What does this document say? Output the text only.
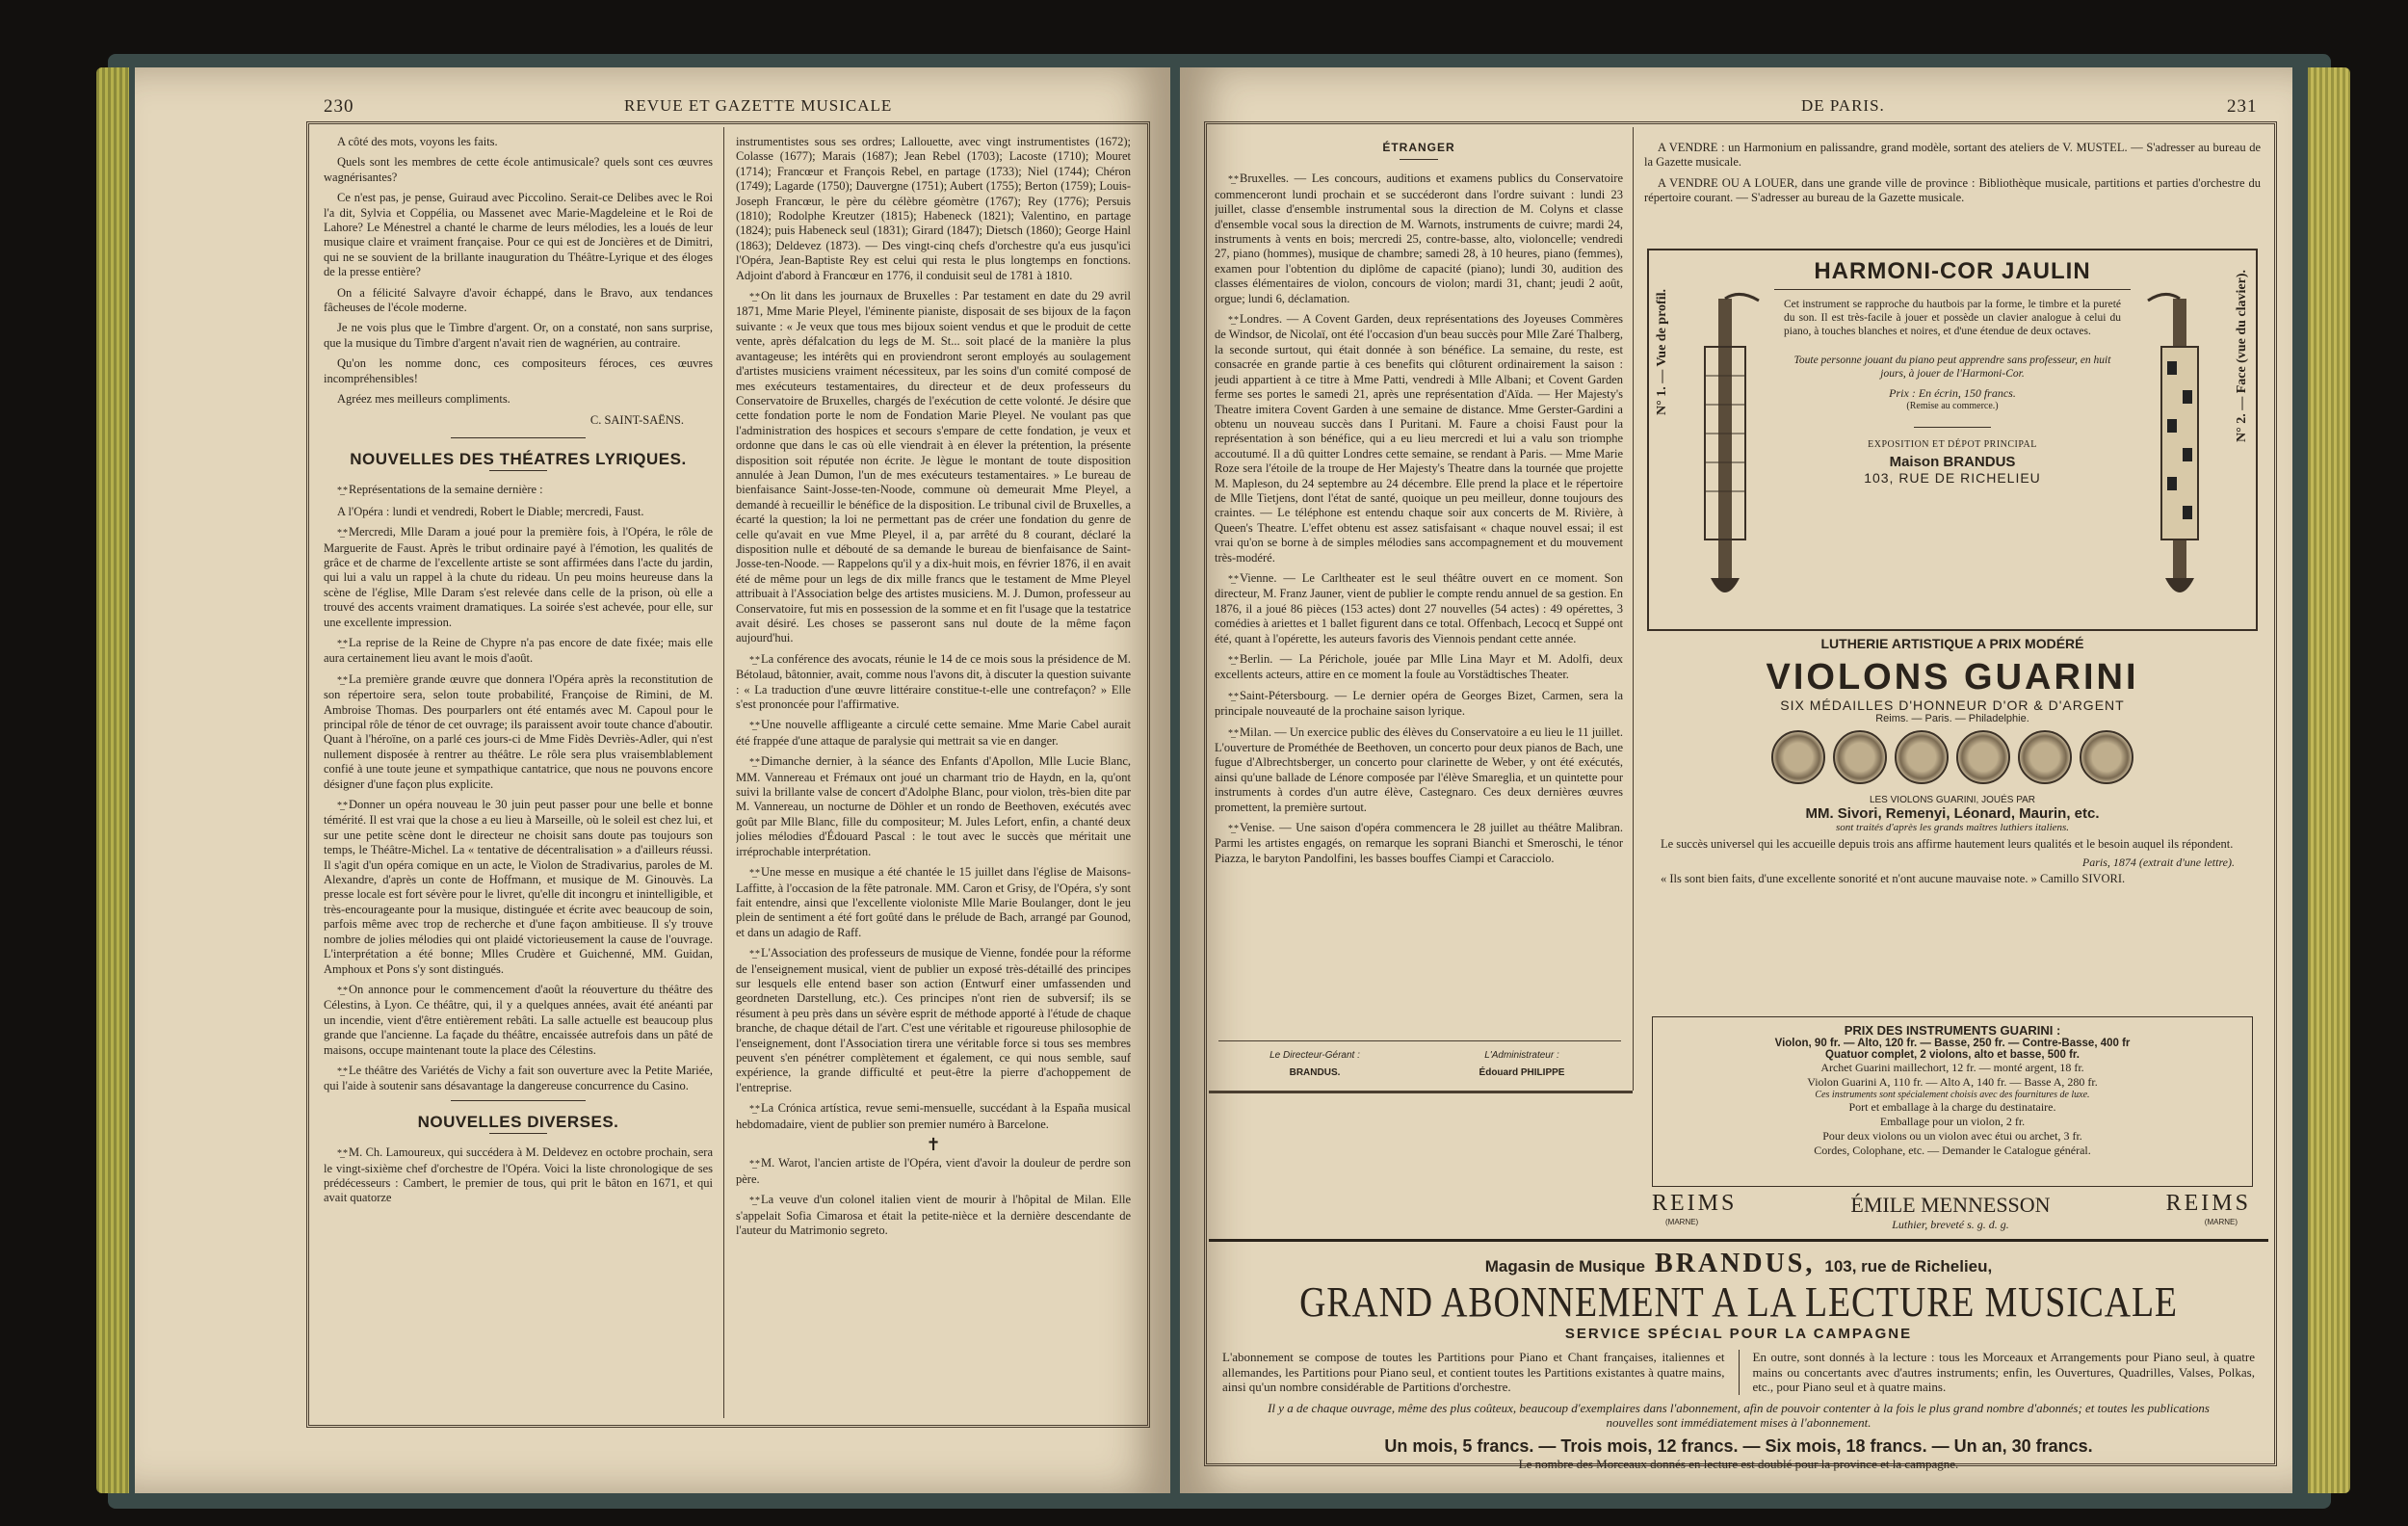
230	REVUE ET GAZETTE MUSICALE

A côté des mots, voyons les faits.

Quels sont les membres de cette école antimusicale? quels sont ces œuvres wagnérisantes?

Ce n'est pas, je pense, Guiraud avec Piccolino. Serait-ce Delibes avec le Roi l'a dit, Sylvia et Coppélia, ou Massenet avec Marie-Magdeleine et le Roi de Lahore? Le Ménestrel a chanté le charme de leurs mélodies, les a loués de leur musique claire et vraiment française. Pour ce qui est de Joncières et de Dimitri, qui ne se souvient de la brillante inauguration du Théâtre-Lyrique et des éloges de la presse entière?

On a félicité Salvayre d'avoir échappé, dans le Bravo, aux tendances fâcheuses de l'école moderne.

Je ne vois plus que le Timbre d'argent. Or, on a constaté, non sans surprise, que la musique du Timbre d'argent n'avait rien de wagnérien, au contraire.

Qu'on les nomme donc, ces compositeurs féroces, ces œuvres incompréhensibles!

Agréez mes meilleurs compliments.

C. SAINT-SAËNS.
NOUVELLES DES THÉATRES LYRIQUES.

*_* Représentations de la semaine dernière :

A l'Opéra : lundi et vendredi, Robert le Diable; mercredi, Faust.

*_* Mercredi, Mlle Daram a joué pour la première fois, à l'Opéra, le rôle de Marguerite de Faust. Après le tribut ordinaire payé à l'émotion, les qualités de grâce et de charme de l'excellente artiste se sont affirmées dans l'acte du jardin, qui lui a valu un rappel à la chute du rideau. Un peu moins heureuse dans la scène de l'église, Mlle Daram s'est relevée dans celle de la prison, où elle a trouvé des accents vraiment dramatiques. La soirée s'est achevée, pour elle, sur une excellente impression.

*_* La reprise de la Reine de Chypre n'a pas encore de date fixée; mais elle aura certainement lieu avant le mois d'août.

*_* La première grande œuvre que donnera l'Opéra après la reconstitution de son répertoire sera, selon toute probabilité, Françoise de Rimini, de M. Ambroise Thomas. Des pourparlers ont été entamés avec M. Capoul pour le principal rôle de ténor de cet ouvrage; ils paraissent avoir toute chance d'aboutir. Quant à l'héroïne, on a parlé ces jours-ci de Mme Fidès Devriès-Adler, qui n'est nullement disposée à rentrer au théâtre. Le rôle sera plus vraisemblablement confié à une toute jeune et sympathique cantatrice, que nous ne pouvons encore désigner d'une façon plus explicite.

*_* Donner un opéra nouveau le 30 juin peut passer pour une belle et bonne témérité. Il est vrai que la chose a eu lieu à Marseille, où le soleil est chez lui, et sur une petite scène dont le directeur ne choisit sans doute pas toujours son temps, le Théâtre-Michel. La « tentative de décentralisation » a d'ailleurs réussi. Il s'agit d'un opéra comique en un acte, le Violon de Stradivarius, paroles de M. Alexandre, d'après un conte de Hoffmann, et musique de M. Ginouvès. La presse locale est fort sévère pour le livret, qu'elle dit incongru et inintelligible, et très-encourageante pour la musique, distinguée et écrite avec beaucoup de soin, parfois même avec trop de recherche et d'une façon ambitieuse. Il s'y trouve nombre de jolies mélodies qui ont plaidé victorieusement la cause de l'ouvrage. L'interprétation a été bonne; Mlles Crudère et Guichenné, MM. Guidan, Amphoux et Pons s'y sont distingués.

*_* On annonce pour le commencement d'août la réouverture du théâtre des Célestins, à Lyon. Ce théâtre, qui, il y a quelques années, avait été anéanti par un incendie, vient d'être entièrement rebâti. La salle actuelle est beaucoup plus grande que l'ancienne. La façade du théâtre, encaissée autrefois dans un pâté de maisons, occupe maintenant toute la place des Célestins.

*_* Le théâtre des Variétés de Vichy a fait son ouverture avec la Petite Mariée, qui l'aide à soutenir sans désavantage la dangereuse concurrence du Casino.

NOUVELLES DIVERSES.

*_* M. Ch. Lamoureux, qui succédera à M. Deldevez en octobre prochain, sera le vingt-sixième chef d'orchestre de l'Opéra. Voici la liste chronologique de ses prédécesseurs : Cambert, le premier de tous, qui prit le bâton en 1671, et qui avait quatorze

instrumentistes sous ses ordres; Lallouette, avec vingt instrumentistes (1672); Colasse (1677); Marais (1687); Jean Rebel (1703); Lacoste (1710); Mouret (1714); Francœur et François Rebel, en partage (1733); Niel (1744); Chéron (1749); Lagarde (1750); Dauvergne (1751); Aubert (1755); Berton (1759); Louis-Joseph Francœur, le père du célèbre géomètre (1767); Rey (1776); Persuis (1810); Rodolphe Kreutzer (1815); Habeneck (1821); Valentino, en partage (1824); puis Habeneck seul (1831); Girard (1847); Dietsch (1860); George Hainl (1863); Deldevez (1873). — Des vingt-cinq chefs d'orchestre qu'a eus jusqu'ici l'Opéra, Jean-Baptiste Rey est celui qui resta le plus longtemps en fonctions. Adjoint d'abord à Francœur en 1776, il conduisit seul de 1781 à 1810.

*_* On lit dans les journaux de Bruxelles : Par testament en date du 29 avril 1871, Mme Marie Pleyel, l'éminente pianiste, disposait de ses bijoux de la façon suivante : « Je veux que tous mes bijoux soient vendus et que le produit de cette vente, après défalcation du legs de M. St... soit placé de la manière la plus avantageuse; les intérêts qui en proviendront seront employés au soulagement d'artistes musiciens vraiment nécessiteux, par les soins d'un comité composé de mes exécuteurs testamentaires, du directeur et de deux professeurs du Conservatoire de Bruxelles, chargés de l'exécution de cette volonté. Je désire que cette fondation porte le nom de Fondation Marie Pleyel. Ne voulant pas que l'administration des hospices et secours s'empare de cette fondation, je veux et ordonne que dans le cas où elle viendrait à en élever la prétention, la présente disposition soit réputée non écrite. Je lègue le montant de toute disposition annulée à Jean Dumon, l'un de mes exécuteurs testamentaires. » Le bureau de bienfaisance Saint-Josse-ten-Noode, commune où demeurait Mme Pleyel, a demandé à recueillir le bénéfice de la disposition. Le tribunal civil de Bruxelles, a écarté la question; la loi ne permettant pas de créer une fondation du genre de celle qu'avait en vue Mme Pleyel, il a, par arrêté du 8 courant, déclaré la disposition nulle et débouté de sa demande le bureau de bienfaisance de Saint-Josse-ten-Noode. — Rappelons qu'il y a dix-huit mois, en février 1876, il en avait été de même pour un legs de dix mille francs que le testament de Mme Pleyel attribuait à l'Association belge des artistes musiciens. M. J. Dumon, professeur au Conservatoire, fut mis en possession de la somme et en fit l'usage que la testatrice avait désiré. Les choses se passeront sans nul doute de la même façon aujourd'hui.

*_* La conférence des avocats, réunie le 14 de ce mois sous la présidence de M. Bétolaud, bâtonnier, avait, comme nous l'avons dit, à discuter la question suivante : « La traduction d'une œuvre littéraire constitue-t-elle une contrefaçon? » Elle s'est prononcée pour l'affirmative.

*_* Une nouvelle affligeante a circulé cette semaine. Mme Marie Cabel aurait été frappée d'une attaque de paralysie qui mettrait sa vie en danger.

*_* Dimanche dernier, à la séance des Enfants d'Apollon, Mlle Lucie Blanc, MM. Vannereau et Frémaux ont joué un charmant trio de Haydn, en la, qu'ont suivi la brillante valse de concert d'Adolphe Blanc, pour violon, très-bien dite par M. Vannereau, un nocturne de Döhler et un rondo de Beethoven, exécutés avec goût par Mlle Blanc, fille du compositeur; M. Jules Lefort, enfin, a chanté deux jolies mélodies d'Édouard Pascal : le tout avec le succès que méritait une irréprochable interprétation.

*_* Une messe en musique a été chantée le 15 juillet dans l'église de Maisons-Laffitte, à l'occasion de la fête patronale. MM. Caron et Grisy, de l'Opéra, s'y sont fait entendre, ainsi que l'excellente violoniste Mlle Marie Boulanger, dont le jeu plein de sentiment a été fort goûté dans le prélude de Bach, arrangé par Gounod, et dans un adagio de Raff.

*_* L'Association des professeurs de musique de Vienne, fondée pour la réforme de l'enseignement musical, vient de publier un exposé très-détaillé des principes sur lesquels elle entend baser son action (Entwurf einer umfassenden und geordneten Darstellung, etc.). Ces principes n'ont rien de subversif; ils se résument à peu près dans un sévère esprit de méthode apporté à l'étude de chaque branche, de chaque détail de l'art. C'est une véritable et rigoureuse philosophie de l'enseignement, dont l'Association tirera une véritable force si tous ses membres peuvent s'en pénétrer complètement et également, ce qui nous semble, sauf expérience, la grande difficulté et peut-être la pierre d'achoppement de l'entreprise.

*_* La Crónica artística, revue semi-mensuelle, succédant à la España musical hebdomadaire, vient de publier son premier numéro à Barcelone.

✝

*_* M. Warot, l'ancien artiste de l'Opéra, vient d'avoir la douleur de perdre son père.

*_* La veuve d'un colonel italien vient de mourir à l'hôpital de Milan. Elle s'appelait Sofia Cimarosa et était la petite-nièce et la dernière descendante de l'auteur du Matrimonio segreto.

DE PARIS.	231
ÉTRANGER

*_* Bruxelles. — Les concours, auditions et examens publics du Conservatoire commenceront lundi prochain et se succéderont dans l'ordre suivant : lundi 23 juillet, classe d'ensemble instrumental sous la direction de M. Colyns et classe d'ensemble vocal sous la direction de M. Warnots, instruments de cuivre; mardi 24, instruments à vents en bois; mercredi 25, contre-basse, alto, violoncelle; vendredi 27, piano (hommes), musique de chambre; samedi 28, à 10 heures, piano (femmes), examen pour l'obtention du diplôme de capacité (piano); lundi 30, audition des classes élémentaires de violon, concours de violon; mardi 31, chant; jeudi 2 août, orgue; lundi 6, déclamation.

*_* Londres. — A Covent Garden, deux représentations des Joyeuses Commères de Windsor, de Nicolaï, ont été l'occasion d'un beau succès pour Mlle Zaré Thalberg, la seconde surtout, qui était donnée à son bénéfice. La semaine, du reste, est consacrée en grande partie à ces benefits qui clôturent ordinairement la saison : jeudi appartient à ce titre à Mme Patti, vendredi à Mlle Albani; et Covent Garden ferme ses portes le samedi 21, après une représentation d'Aïda. — Her Majesty's Theatre imitera Covent Garden à une semaine de distance. Mme Gerster-Gardini a obtenu un nouveau succès dans I Puritani. M. Faure a choisi Faust pour la représentation à son bénéfice, qui a eu lieu mercredi et lui a valu son triomphe accoutumé. Il a dû quitter Londres cette semaine, se rendant à Paris. — Mme Marie Roze sera l'étoile de la troupe de Her Majesty's Theatre dans la tournée que projette M. Mapleson, du 24 septembre au 24 décembre. Elle prend la place et le répertoire de Mlle Tietjens, dont l'état de santé, quoique un peu meilleur, donne toujours des craintes. — Le téléphone est entendu chaque soir aux concerts de M. Rivière, à Queen's Theatre. L'effet obtenu est assez satisfaisant « chaque nouvel essai; il est vrai qu'on se borne à de simples mélodies sans accompagnement et du mouvement très-modéré.

*_* Vienne. — Le Carltheater est le seul théâtre ouvert en ce moment. Son directeur, M. Franz Jauner, vient de publier le compte rendu annuel de sa gestion. En 1876, il a joué 86 pièces (153 actes) dont 27 nouvelles (54 actes) : 49 opérettes, 3 comédies à ariettes et 1 ballet figurent dans ce total. Offenbach, Lecocq et Suppé ont été, quant à l'opérette, les auteurs favoris des Viennois pendant cette année.

*_* Berlin. — La Périchole, jouée par Mlle Lina Mayr et M. Adolfi, deux excellents acteurs, attire en ce moment la foule au Vorstädtisches Theater.

*_* Saint-Pétersbourg. — Le dernier opéra de Georges Bizet, Carmen, sera la principale nouveauté de la prochaine saison lyrique.

*_* Milan. — Un exercice public des élèves du Conservatoire a eu lieu le 11 juillet. L'ouverture de Prométhée de Beethoven, un concerto pour deux pianos de Bach, une fugue d'Albrechtsberger, un concerto pour clarinette de Weber, y ont été exécutés, ainsi qu'une ballade de Lénore composée par l'élève Smareglia, et un quintette pour instruments à cordes d'un autre élève, Castegnaro. Ces deux dernières œuvres promettent, la première surtout.

*_* Venise. — Une saison d'opéra commencera le 28 juillet au théâtre Malibran. Parmi les artistes engagés, on remarque les soprani Bianchi et Smeroschi, le ténor Piazza, le baryton Pandolfini, les basses bouffes Ciampi et Caracciolo.

Le Directeur-Gérant :
BRANDUS.
L'Administrateur :
Édouard PHILIPPE

A VENDRE : un Harmonium en palissandre, grand modèle, sortant des ateliers de V. MUSTEL. — S'adresser au bureau de la Gazette musicale.

A VENDRE OU A LOUER, dans une grande ville de province : Bibliothèque musicale, partitions et parties d'orchestre du répertoire courant. — S'adresser au bureau de la Gazette musicale.

N° 1. — Vue de profil.	N° 2. — Face (vue du clavier).
HARMONI-COR JAULIN
Cet instrument se rapproche du hautbois par la forme, le timbre et la pureté du son. Il est très-facile à jouer et possède un clavier analogue à celui du piano, à touches blanches et noires, et d'une étendue de deux octaves.
Toute personne jouant du piano peut apprendre sans professeur, en huit jours, à jouer de l'Harmoni-Cor.
Prix : En écrin, 150 francs.
(Remise au commerce.)
EXPOSITION ET DÉPOT PRINCIPAL
Maison BRANDUS
103, RUE DE RICHELIEU
LUTHERIE ARTISTIQUE A PRIX MODÉRÉ
VIOLONS GUARINI
SIX MÉDAILLES D'HONNEUR D'OR & D'ARGENT
Reims. — Paris. — Philadelphie.

LES VIOLONS GUARINI, JOUÉS PAR
MM. Sivori, Remenyi, Léonard, Maurin, etc.
sont traités d'après les grands maîtres luthiers italiens.
Le succès universel qui les accueille depuis trois ans affirme hautement leurs qualités et le besoin auquel ils répondent.
Paris, 1874 (extrait d'une lettre).
« Ils sont bien faits, d'une excellente sonorité et n'ont aucune mauvaise note. » Camillo SIVORI.
PRIX DES INSTRUMENTS GUARINI :
Violon, 90 fr. — Alto, 120 fr. — Basse, 250 fr. — Contre-Basse, 400 fr
Quatuor complet, 2 violons, alto et basse, 500 fr.
Archet Guarini maillechort, 12 fr. — monté argent, 18 fr.
Violon Guarini A, 110 fr. — Alto A, 140 fr. — Basse A, 280 fr.
Ces instruments sont spécialement choisis avec des fournitures de luxe.
Port et emballage à la charge du destinataire.
Emballage pour un violon, 2 fr.
Pour deux violons ou un violon avec étui ou archet, 3 fr.
Cordes, Colophane, etc. — Demander le Catalogue général.
REIMS
(MARNE)
ÉMILE MENNESSON
Luthier, breveté s. g. d. g.
REIMS
(MARNE)
Magasin de Musique BRANDUS, 103, rue de Richelieu,
GRAND ABONNEMENT A LA LECTURE MUSICALE
SERVICE SPÉCIAL POUR LA CAMPAGNE
L'abonnement se compose de toutes les Partitions pour Piano et Chant françaises, italiennes et allemandes, les Partitions pour Piano seul, et contient toutes les Partitions existantes à quatre mains, ainsi qu'un nombre considérable de Partitions d'orchestre.
En outre, sont donnés à la lecture : tous les Morceaux et Arrangements pour Piano seul, à quatre mains ou concertants avec d'autres instruments; enfin, les Ouvertures, Quadrilles, Valses, Polkas, etc., pour Piano seul et à quatre mains.
Il y a de chaque ouvrage, même des plus coûteux, beaucoup d'exemplaires dans l'abonnement, afin de pouvoir contenter à la fois le plus grand nombre d'abonnés; et toutes les publications nouvelles sont immédiatement mises à l'abonnement.
Un mois, 5 francs. — Trois mois, 12 francs. — Six mois, 18 francs. — Un an, 30 francs.
Le nombre des Morceaux donnés en lecture est doublé pour la province et la campagne.
